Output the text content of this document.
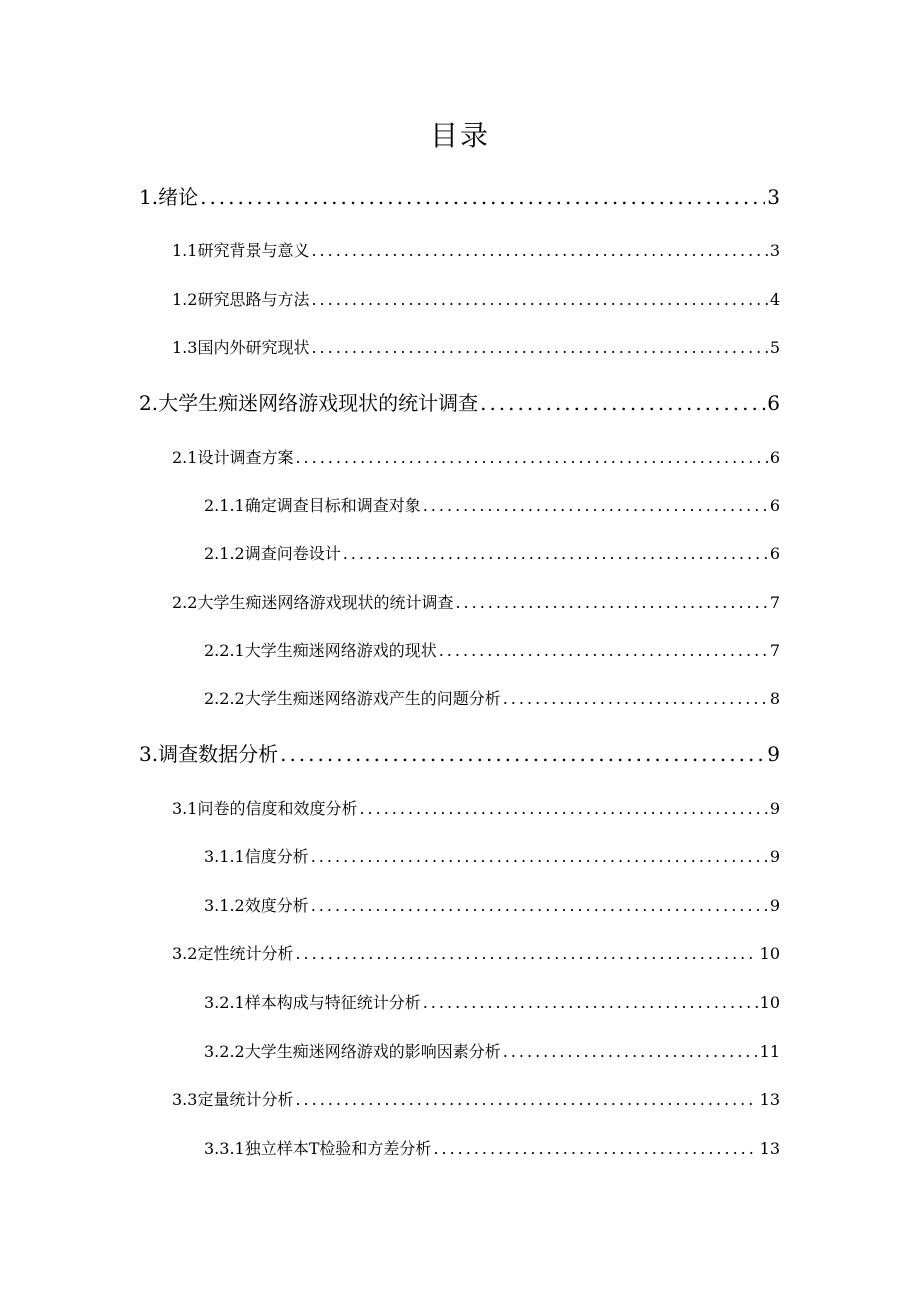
目录
1.绪论 .....	3
1.1研究背景与意义 .....	3
1.2研究思路与方法 .....	4
1.3国内外研究现状 .....	5
2.大学生痴迷网络游戏现状的统计调查 .....	6
2.1设计调查方案 .....	6
2.1.1确定调查目标和调查对象 .....	6
2.1.2调查问卷设计 .....	6
2.2大学生痴迷网络游戏现状的统计调查 .....	7
2.2.1大学生痴迷网络游戏的现状 .....	7
2.2.2大学生痴迷网络游戏产生的问题分析 .....	8
3.调查数据分析 .....	9
3.1问卷的信度和效度分析 .....	9
3.1.1信度分析 .....	9
3.1.2效度分析 .....	9
3.2定性统计分析 .....	10
3.2.1样本构成与特征统计分析 .....	10
3.2.2大学生痴迷网络游戏的影响因素分析 .....	11
3.3定量统计分析 .....	13
3.3.1独立样本T检验和方差分析 .....	13
